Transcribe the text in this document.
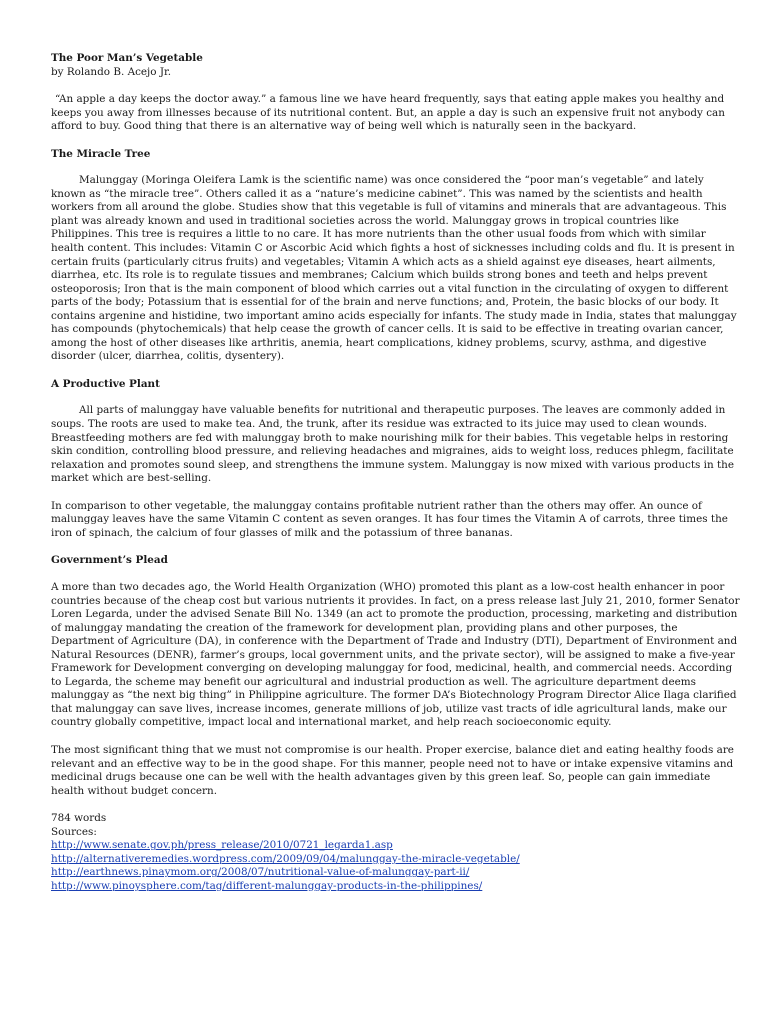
The Poor Man’s Vegetable

by Rolando B. Acejo Jr.

“An apple a day keeps the doctor away.” a famous line we have heard frequently, says that eating apple makes you healthy and keeps you away from illnesses because of its nutritional content. But, an apple a day is such an expensive fruit not anybody can afford to buy. Good thing that there is an alternative way of being well which is naturally seen in the backyard.

The Miracle Tree

Malunggay (Moringa Oleifera Lamk is the scientific name) was once considered the “poor man’s vegetable” and lately known as “the miracle tree”. Others called it as a “nature’s medicine cabinet”. This was named by the scientists and health workers from all around the globe. Studies show that this vegetable is full of vitamins and minerals that are advantageous. This plant was already known and used in traditional societies across the world. Malunggay grows in tropical countries like Philippines. This tree is requires a little to no care. It has more nutrients than the other usual foods from which with similar health content. This includes: Vitamin C or Ascorbic Acid which fights a host of sicknesses including colds and flu. It is present in certain fruits (particularly citrus fruits) and vegetables; Vitamin A which acts as a shield against eye diseases, heart ailments, diarrhea, etc. Its role is to regulate tissues and membranes; Calcium which builds strong bones and teeth and helps prevent osteoporosis; Iron that is the main component of blood which carries out a vital function in the circulating of oxygen to different parts of the body; Potassium that is essential for of the brain and nerve functions; and, Protein, the basic blocks of our body. It contains argenine and histidine, two important amino acids especially for infants. The study made in India, states that malunggay has compounds (phytochemicals) that help cease the growth of cancer cells. It is said to be effective in treating ovarian cancer, among the host of other diseases like arthritis, anemia, heart complications, kidney problems, scurvy, asthma, and digestive disorder (ulcer, diarrhea, colitis, dysentery).

A Productive Plant

All parts of malunggay have valuable benefits for nutritional and therapeutic purposes. The leaves are commonly added in soups. The roots are used to make tea. And, the trunk, after its residue was extracted to its juice may used to clean wounds. Breastfeeding mothers are fed with malunggay broth to make nourishing milk for their babies. This vegetable helps in restoring skin condition, controlling blood pressure, and relieving headaches and migraines, aids to weight loss, reduces phlegm, facilitate relaxation and promotes sound sleep, and strengthens the immune system. Malunggay is now mixed with various products in the market which are best-selling.

In comparison to other vegetable, the malunggay contains profitable nutrient rather than the others may offer. An ounce of malunggay leaves have the same Vitamin C content as seven oranges. It has four times the Vitamin A of carrots, three times the iron of spinach, the calcium of four glasses of milk and the potassium of three bananas.

Government’s Plead

A more than two decades ago, the World Health Organization (WHO) promoted this plant as a low-cost health enhancer in poor countries because of the cheap cost but various nutrients it provides. In fact, on a press release last July 21, 2010, former Senator Loren Legarda, under the advised Senate Bill No. 1349 (an act to promote the production, processing, marketing and distribution of malunggay mandating the creation of the framework for development plan, providing plans and other purposes, the Department of Agriculture (DA), in conference with the Department of Trade and Industry (DTI), Department of Environment and Natural Resources (DENR), farmer’s groups, local government units, and the private sector), will be assigned to make a five-year Framework for Development converging on developing malunggay for food, medicinal, health, and commercial needs. According to Legarda, the scheme may benefit our agricultural and industrial production as well. The agriculture department deems malunggay as “the next big thing” in Philippine agriculture. The former DA’s Biotechnology Program Director Alice Ilaga clarified that malunggay can save lives, increase incomes, generate millions of job, utilize vast tracts of idle agricultural lands, make our country globally competitive, impact local and international market, and help reach socioeconomic equity.

The most significant thing that we must not compromise is our health. Proper exercise, balance diet and eating healthy foods are relevant and an effective way to be in the good shape. For this manner, people need not to have or intake expensive vitamins and medicinal drugs because one can be well with the health advantages given by this green leaf. So, people can gain immediate health without budget concern.

784 words
Sources:
http://www.senate.gov.ph/press_release/2010/0721_legarda1.asp
http://alternativeremedies.wordpress.com/2009/09/04/malunggay-the-miracle-vegetable/
http://earthnews.pinaymom.org/2008/07/nutritional-value-of-malunggay-part-ii/
http://www.pinoysphere.com/tag/different-malunggay-products-in-the-philippines/
